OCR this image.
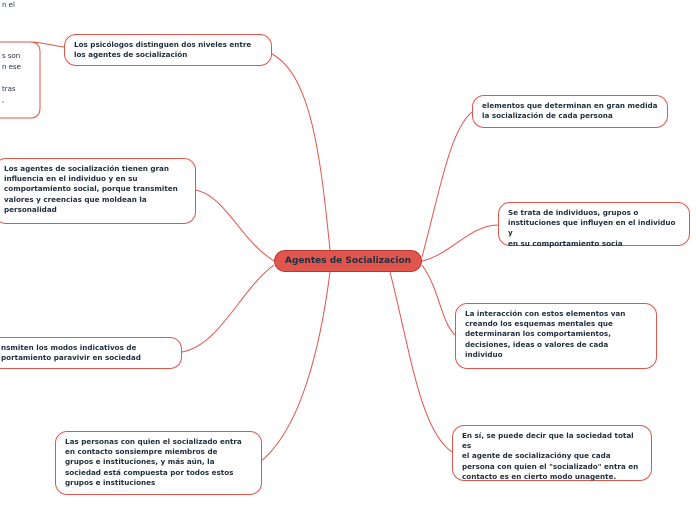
n el
s son
n ese
tras
,
Agentes de Socializacion
Los psicólogos distinguen dos niveles entre
los agentes de socialización
elementos que determinan en gran medida
la socialización de cada persona
Los agentes de socialización tienen gran
influencia en el individuo y en su
comportamiento social, porque transmiten
valores y creencias que moldean la
personalidad	Se trata de individuos, grupos o
instituciones que influyen en el individuo y
en su comportamiento socia
nsmiten los modos indicativos de
portamiento paravivir en sociedad
La interacción con estos elementos van
creando los esquemas mentales que
determinaran los comportamientos,
decisiones, ideas o valores de cada
individuo
Las personas con quien el socializado entra
en contacto sonsiempre miembros de
grupos e instituciones, y más aún, la
sociedad está compuesta por todos estos
grupos e instituciones
En sí, se puede decir que la sociedad total es
el agente de socializacióny que cada
persona con quien el "socializado" entra en
contacto es en cierto modo unagente.
